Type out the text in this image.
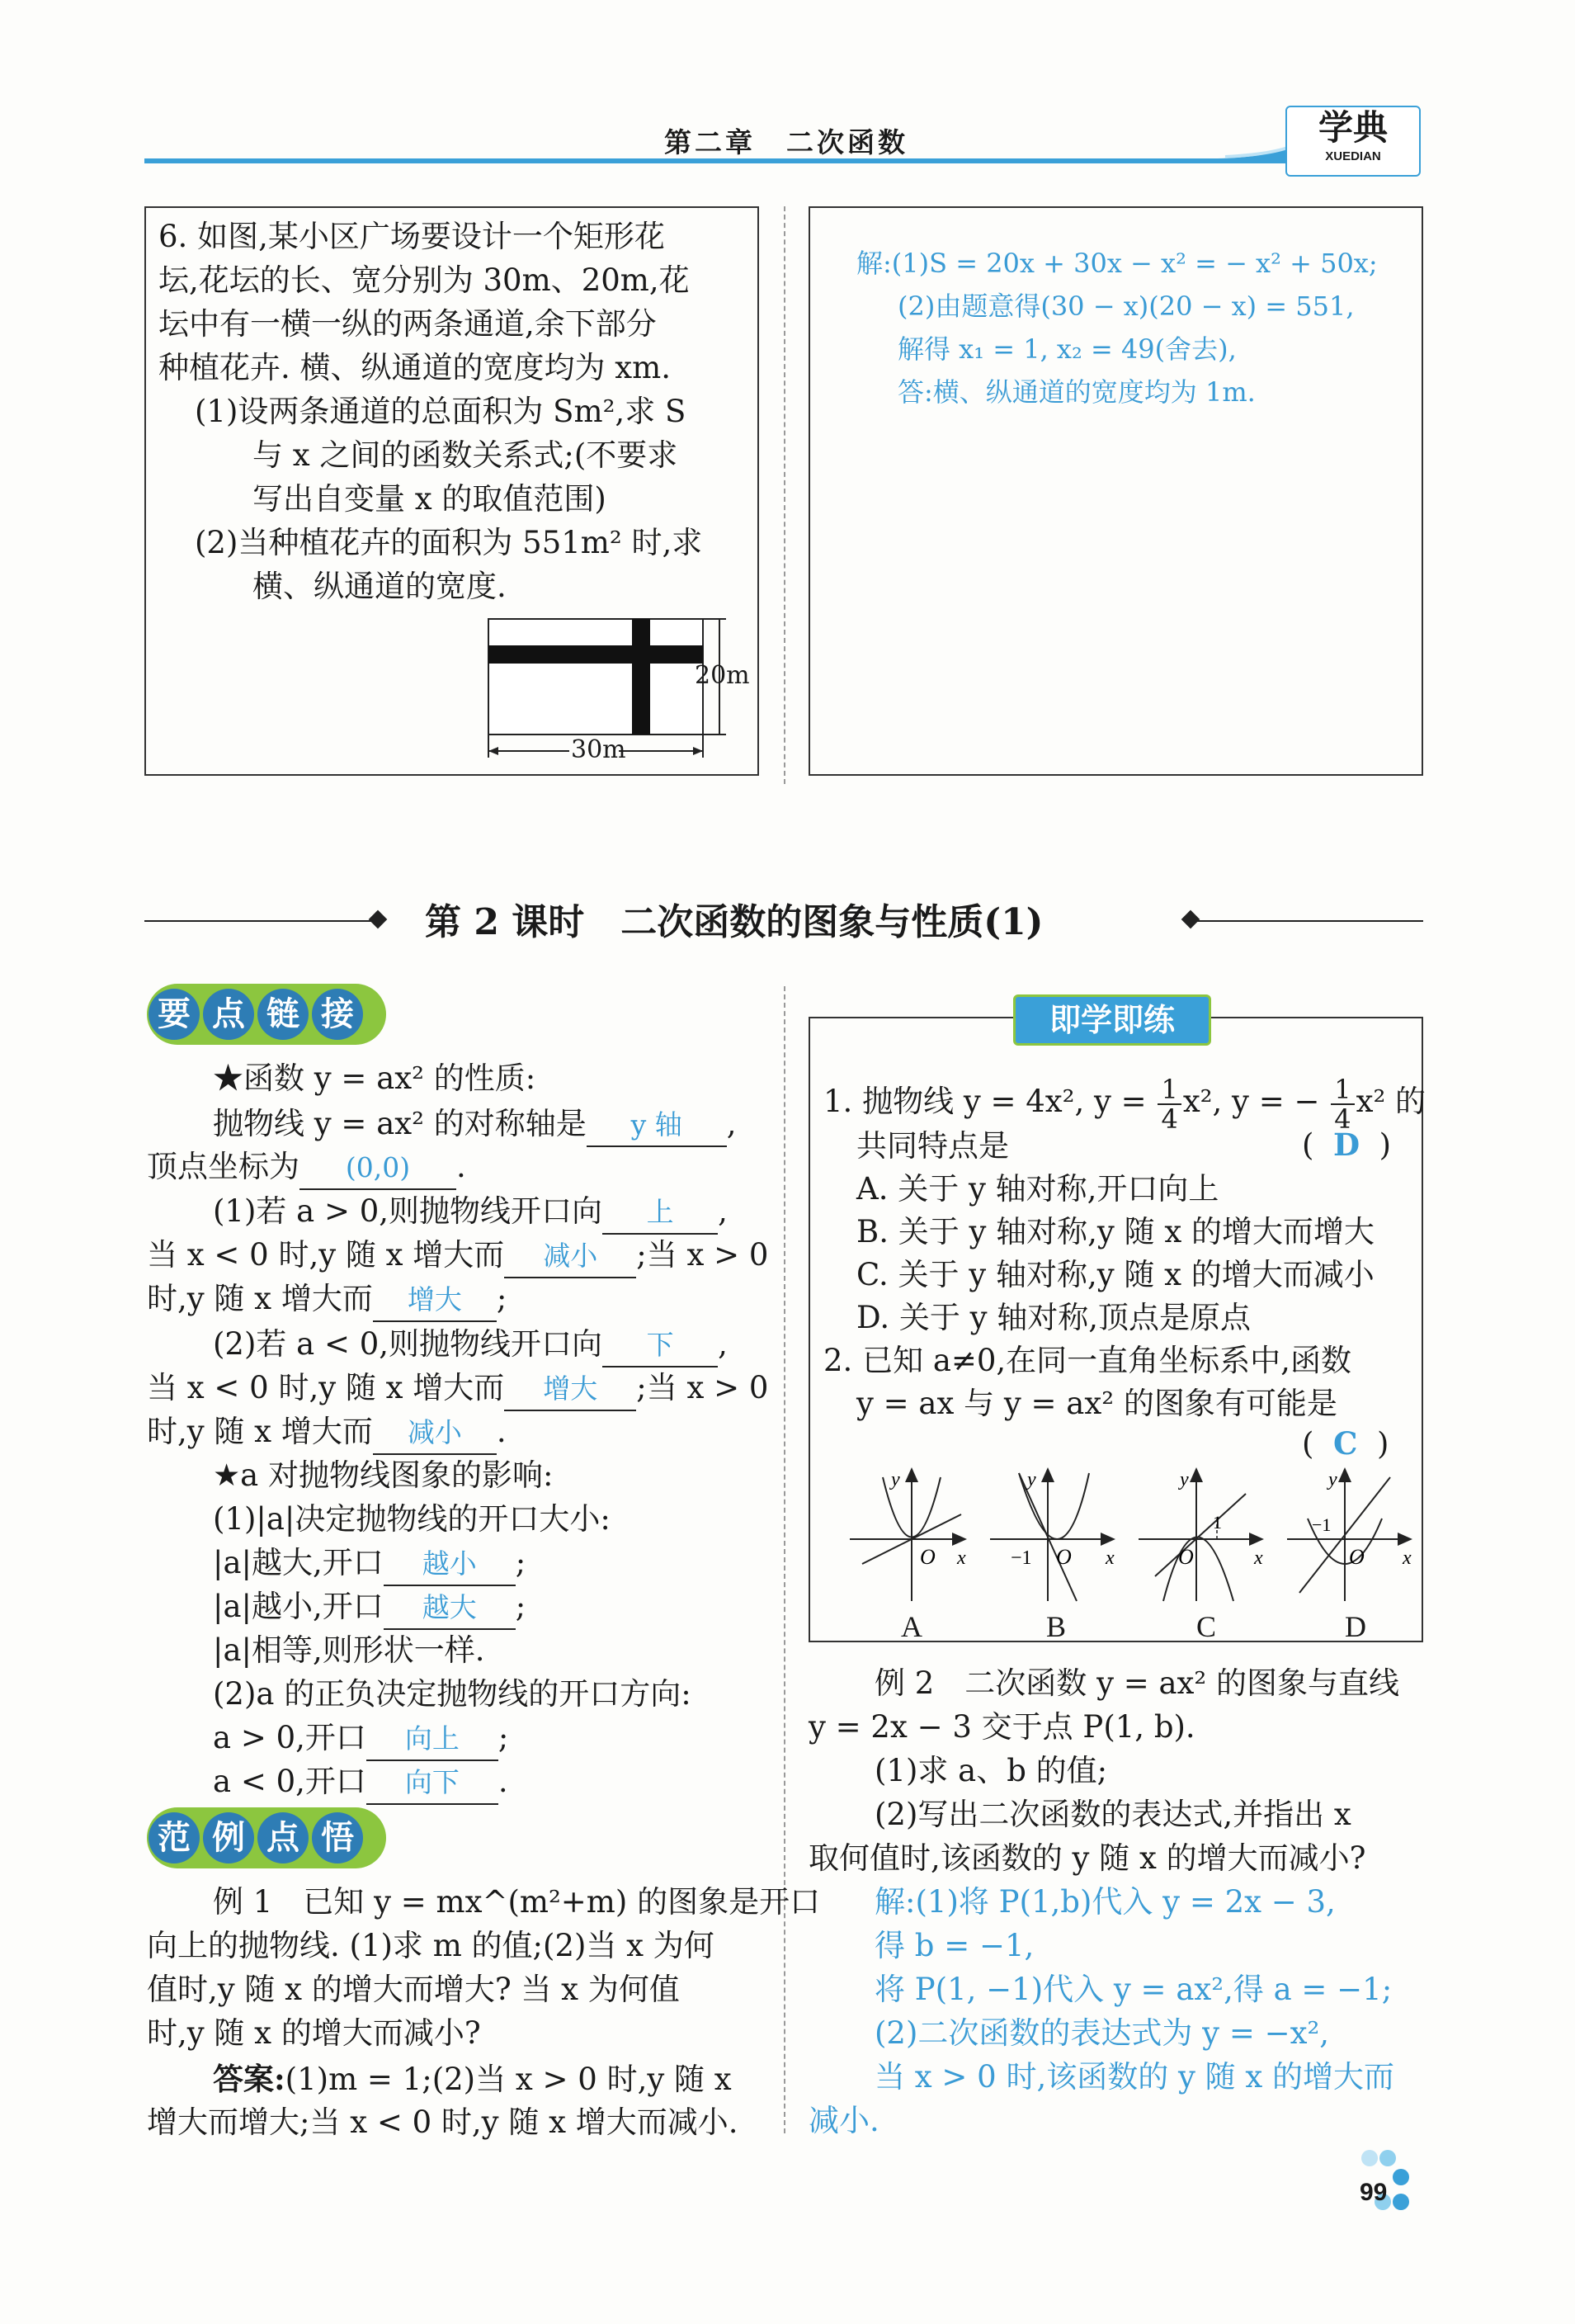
第二章　二次函数	学典
XUEDIAN
6. 如图,某小区广场要设计一个矩形花
坛,花坛的长、宽分别为 30m、20m,花
坛中有一横一纵的两条通道,余下部分
种植花卉. 横、纵通道的宽度均为 xm.
(1)设两条通道的总面积为 Sm²,求 S
与 x 之间的函数关系式;(不要求
写出自变量 x 的取值范围)
(2)当种植花卉的面积为 551m² 时,求
横、纵通道的宽度.
20m
30m
解:(1)S = 20x + 30x − x² = − x² + 50x;
(2)由题意得(30 − x)(20 − x) = 551,
解得 x₁ = 1, x₂ = 49(舍去),
答:横、纵通道的宽度均为 1m.
第 2 课时　二次函数的图象与性质(1)
要 点 链 接
★函数 y = ax² 的性质:
抛物线 y = ax² 的对称轴是 y 轴 ,
顶点坐标为 (0,0) .
(1)若 a > 0,则抛物线开口向 上 ,
当 x < 0 时,y 随 x 增大而 减小 ;当 x > 0
时,y 随 x 增大而 增大 ;
(2)若 a < 0,则抛物线开口向 下 ,
当 x < 0 时,y 随 x 增大而 增大 ;当 x > 0
时,y 随 x 增大而 减小 .
★a 对抛物线图象的影响:
(1)|a|决定抛物线的开口大小:
|a|越大,开口 越小 ;
|a|越小,开口 越大 ;
|a|相等,则形状一样.
(2)a 的正负决定抛物线的开口方向:
a > 0,开口 向上 ;
a < 0,开口 向下 .
范 例 点 悟
例 1　已知 y = mx^(m²+m) 的图象是开口
向上的抛物线. (1)求 m 的值;(2)当 x 为何
值时,y 随 x 的增大而增大? 当 x 为何值
时,y 随 x 的增大而减小?
答案:(1)m = 1;(2)当 x > 0 时,y 随 x
增大而增大;当 x < 0 时,y 随 x 增大而减小.
即学即练
1. 抛物线 y = 4x², $y = \frac{1}{4} x^2$, y = − $\frac{1}{4} x^2$ 的
共同特点是	(  D  )
A. 关于 y 轴对称,开口向上
B. 关于 y 轴对称,y 随 x 的增大而增大
C. 关于 y 轴对称,y 随 x 的增大而减小
D. 关于 y 轴对称,顶点是原点
2. 已知 a≠0,在同一直角坐标系中,函数
y = ax 与 y = ax² 的图象有可能是
(  C  )
O x
y
−1 O x
y
O
1
x
y
−1
O x
y
A	B	C	D
例 2　二次函数 y = ax² 的图象与直线
y = 2x − 3 交于点 P(1, b).
(1)求 a、b 的值;
(2)写出二次函数的表达式,并指出 x
取何值时,该函数的 y 随 x 的增大而减小?
解:(1)将 P(1,b)代入 y = 2x − 3,
得 b = −1,
将 P(1, −1)代入 y = ax²,得 a = −1;
(2)二次函数的表达式为 y = −x²,
当 x > 0 时,该函数的 y 随 x 的增大而
减小.
99
